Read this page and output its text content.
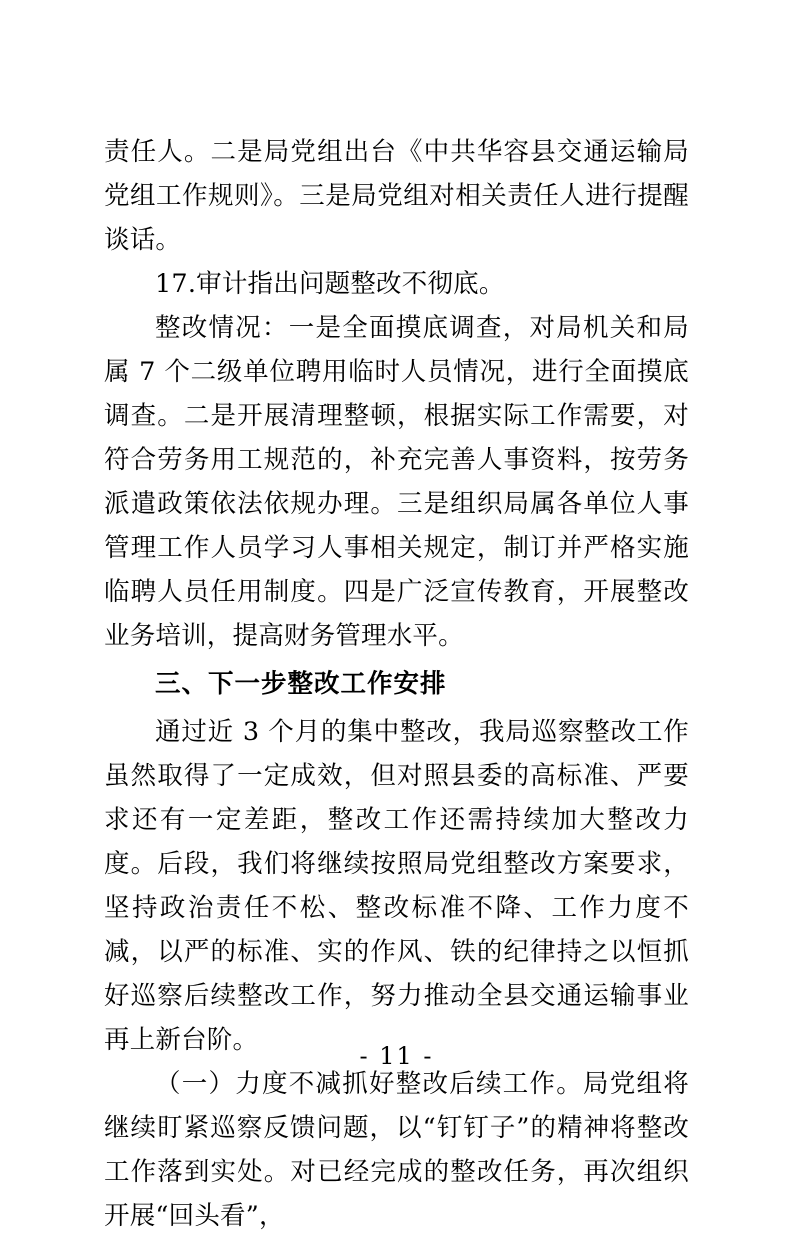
责任人。二是局党组出台《中共华容县交通运输局党组工作规则》。三是局党组对相关责任人进行提醒谈话。

17.审计指出问题整改不彻底。

整改情况：一是全面摸底调查，对局机关和局属 7 个二级单位聘用临时人员情况，进行全面摸底调查。二是开展清理整顿，根据实际工作需要，对符合劳务用工规范的，补充完善人事资料，按劳务派遣政策依法依规办理。三是组织局属各单位人事管理工作人员学习人事相关规定，制订并严格实施临聘人员任用制度。四是广泛宣传教育，开展整改业务培训，提高财务管理水平。

三、下一步整改工作安排

通过近 3 个月的集中整改，我局巡察整改工作虽然取得了一定成效，但对照县委的高标准、严要求还有一定差距，整改工作还需持续加大整改力度。后段，我们将继续按照局党组整改方案要求，坚持政治责任不松、整改标准不降、工作力度不减，以严的标准、实的作风、铁的纪律持之以恒抓好巡察后续整改工作，努力推动全县交通运输事业再上新台阶。

（一）力度不减抓好整改后续工作。局党组将继续盯紧巡察反馈问题，以“钉钉子”的精神将整改工作落到实处。对已经完成的整改任务，再次组织开展“回头看”，

- 11 -
